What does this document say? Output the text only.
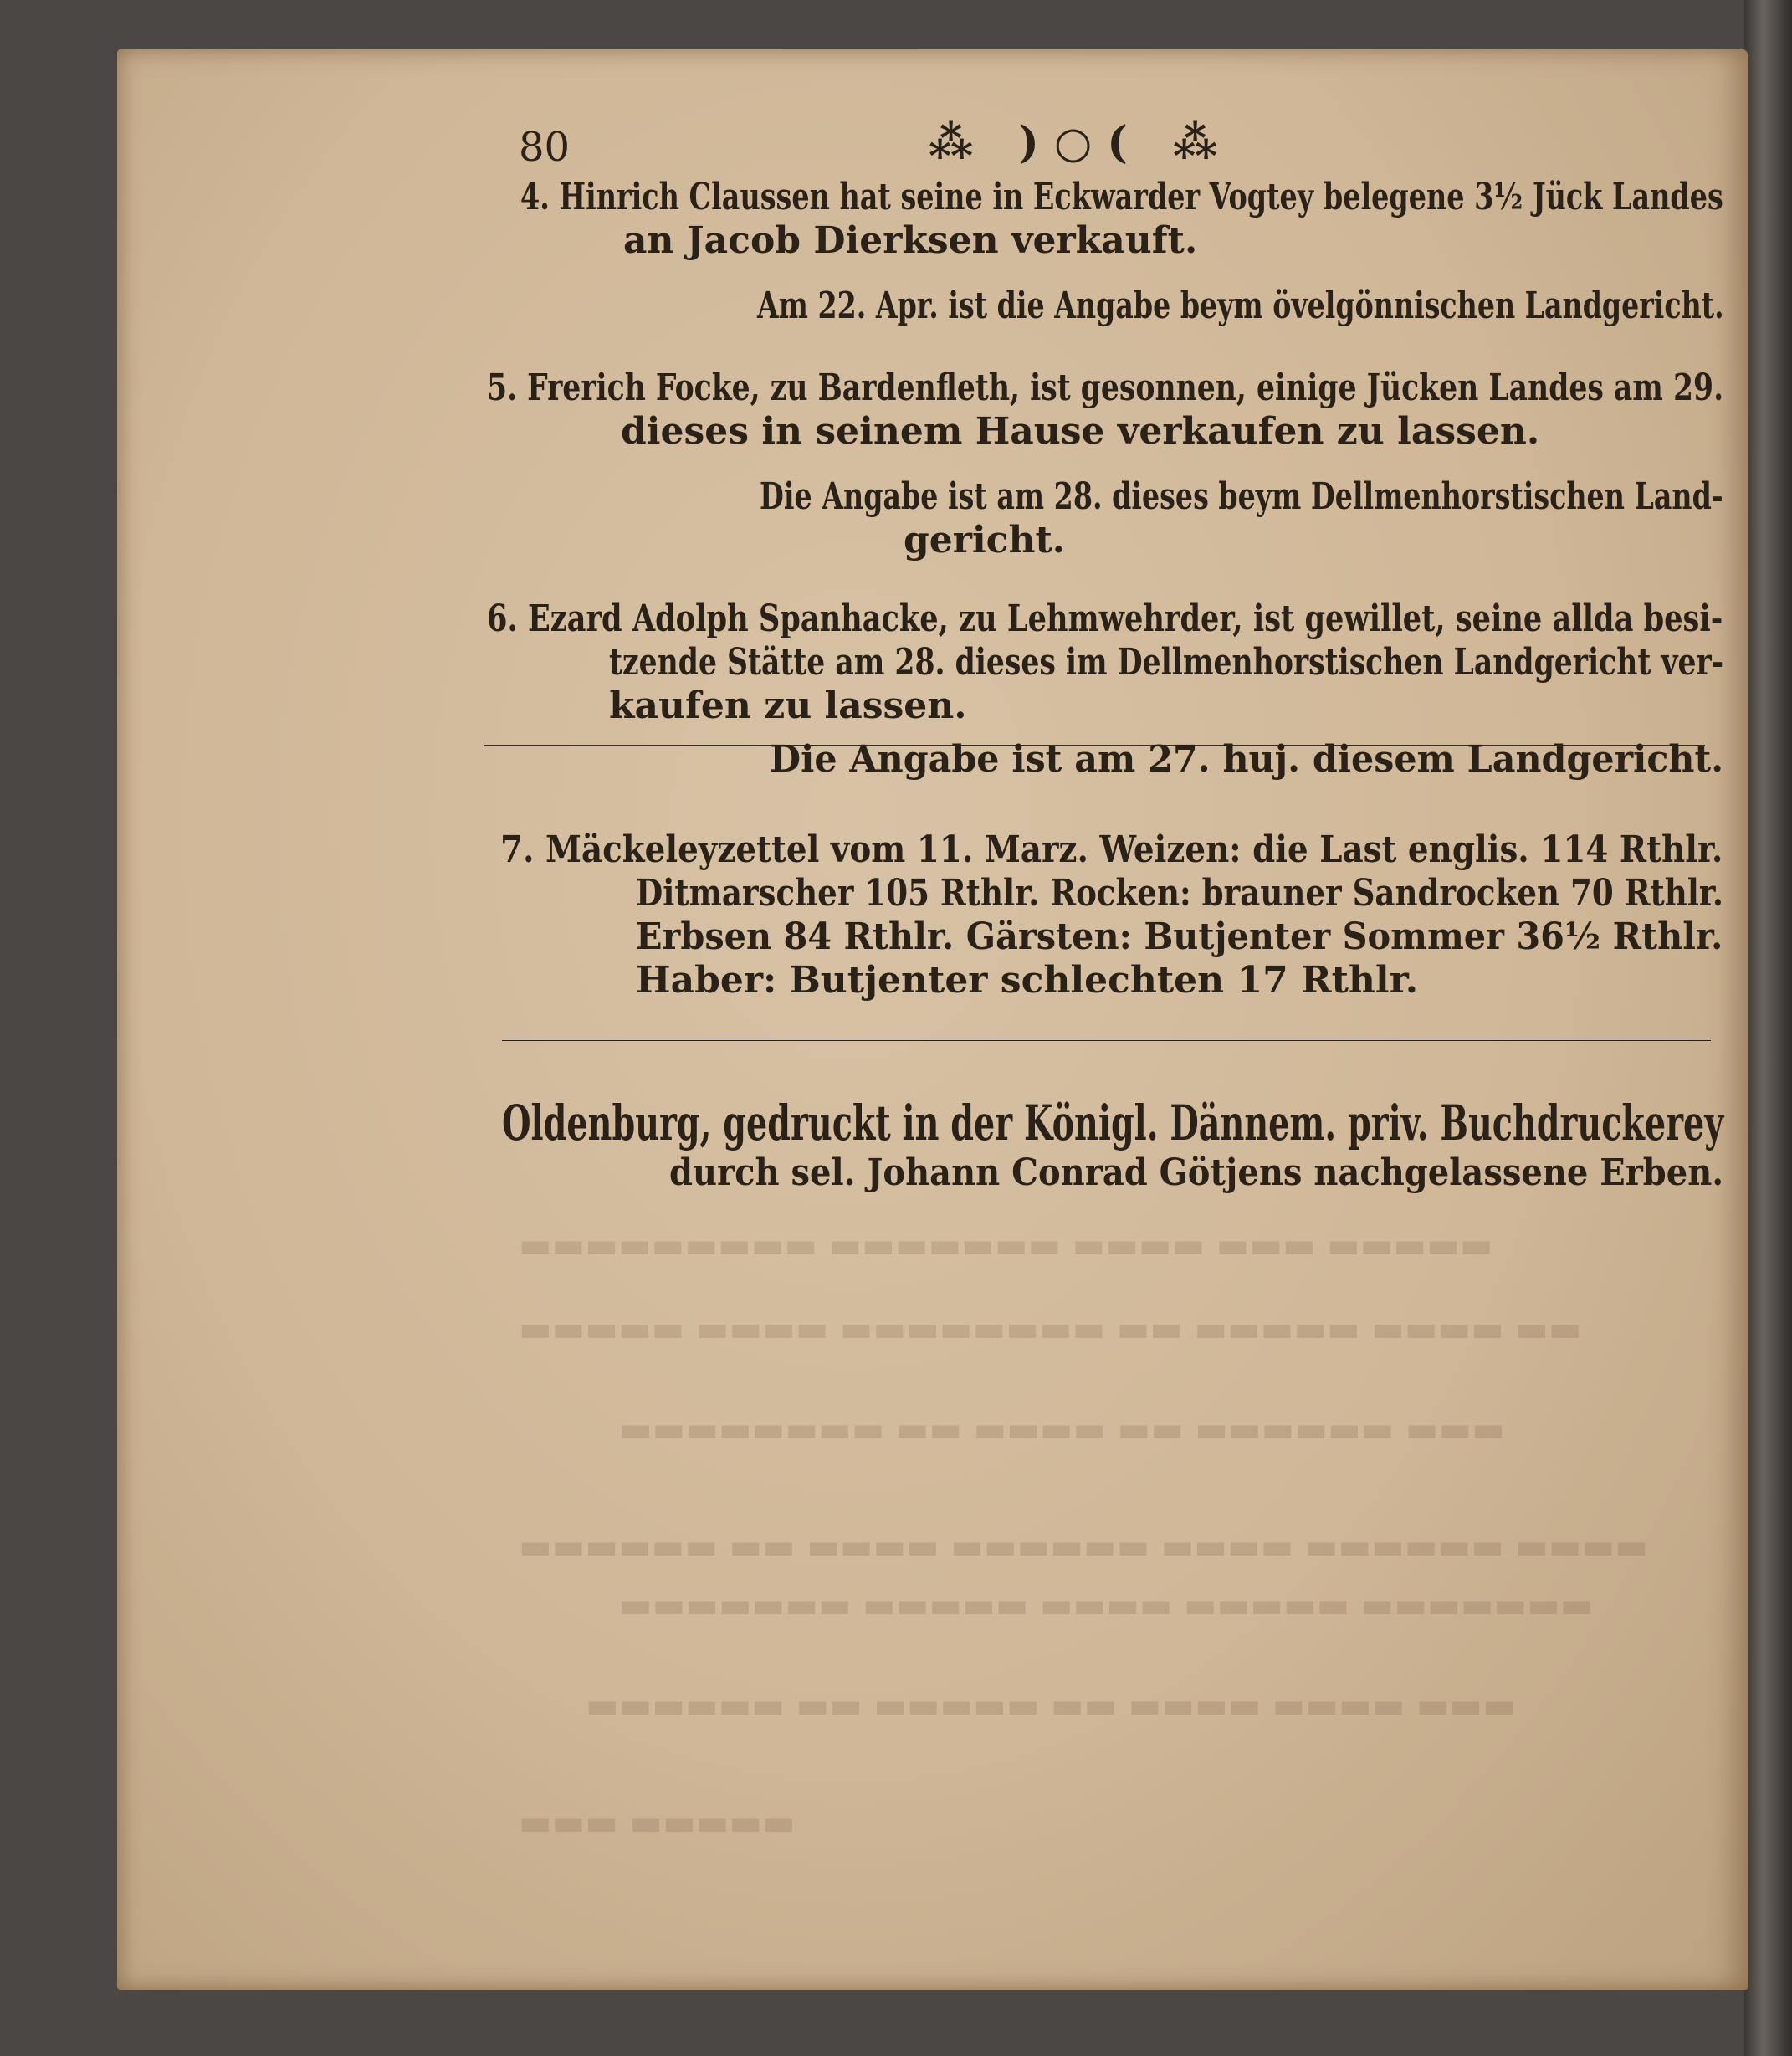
▬▬▬▬▬ ▬▬▬ ▬▬▬▬ ▬▬▬▬▬▬▬ ▬▬▬▬▬▬▬▬▬
▬▬ ▬▬▬▬ ▬▬▬▬▬ ▬▬ ▬▬▬▬▬▬▬▬ ▬▬▬▬ ▬▬▬▬▬
▬▬▬ ▬▬▬▬▬▬ ▬▬ ▬▬▬▬ ▬▬ ▬▬▬▬▬▬▬▬
▬▬▬▬ ▬▬▬▬▬▬ ▬▬▬▬ ▬▬▬▬▬▬ ▬▬▬▬ ▬▬ ▬▬▬▬▬▬
▬▬▬▬▬▬▬ ▬▬▬▬▬ ▬▬▬▬ ▬▬▬▬▬ ▬▬▬▬▬▬▬
▬▬▬ ▬▬▬▬ ▬▬▬▬ ▬▬ ▬▬▬▬▬ ▬▬ ▬▬▬▬▬▬
▬▬▬▬▬ ▬▬▬
80	⁂ )○( ⁂
4. Hinrich Claussen hat seine in Eckwarder Vogtey belegene 3½ Jück Landes
an Jacob Dierksen verkauft.
Am 22. Apr. ist die Angabe beym övelgönnischen Landgericht.
5. Frerich Focke, zu Bardenfleth, ist gesonnen, einige Jücken Landes am 29.
dieses in seinem Hause verkaufen zu lassen.
Die Angabe ist am 28. dieses beym Dellmenhorstischen Land-
gericht.
6. Ezard Adolph Spanhacke, zu Lehmwehrder, ist gewillet, seine allda besi-
tzende Stätte am 28. dieses im Dellmenhorstischen Landgericht ver-
kaufen zu lassen.
Die Angabe ist am 27. huj. diesem Landgericht.
7. Mäckeleyzettel vom 11. Marz. Weizen: die Last englis. 114 Rthlr.
Ditmarscher 105 Rthlr. Rocken: brauner Sandrocken 70 Rthlr.
Erbsen 84 Rthlr. Gärsten: Butjenter Sommer 36½ Rthlr.
Haber: Butjenter schlechten 17 Rthlr.
Oldenburg, gedruckt in der Königl. Dännem. priv. Buchdruckerey
durch sel. Johann Conrad Götjens nachgelassene Erben.
